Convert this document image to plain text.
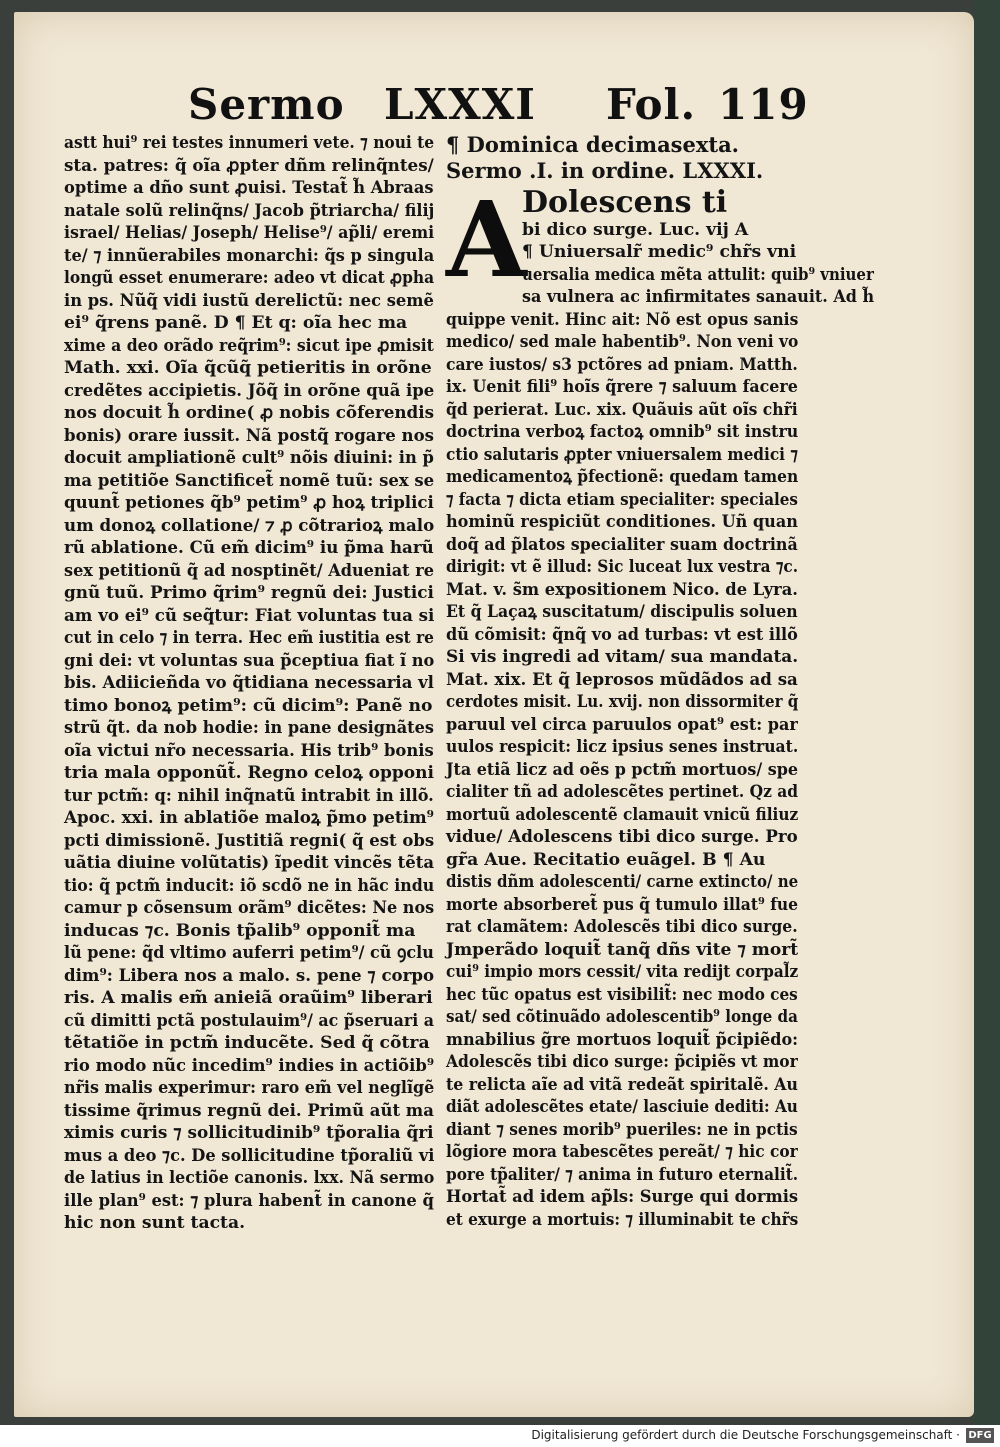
Sermo LXXXI Fol. 119
astt hui⁹ rei testes innumeri vete. ⁊ noui te
sta. patres: q̃ oĩa ꝓpter dñm relinq̃ntes/
optime a dño sunt ꝓuisi. Testat̃ h̃ Abraas
natale solũ relinq̃ns/ Jacob p̃triarcha/ filij
israel/ Helias/ Joseph/ Helise⁹/ ap̃li/ eremi
te/ ⁊ innũerabiles monarchi: q̃s p singula
longũ esset enumerare: adeo vt dicat ꝓpha
in ps. Nũq̃ vidi iustũ derelictũ: nec semẽ
ei⁹ q̃rens panẽ. D ¶ Et q: oĩa hec ma
xime a deo orãdo req̃rim⁹: sicut ipe ꝓmisit
Math. xxi. Oĩa q̃cũq̃ petieritis in orõne
credẽtes accipietis. Jõq̃ in orõne quã ipe
nos docuit h̃ ordine( ꝓ nobis cõferendis
bonis) orare iussit. Nã postq̃ rogare nos
docuit ampliationẽ cult⁹ nõis diuini: in p̃
ma petitiõe Sanctificet̃ nomẽ tuũ: sex se
quunt̃ petiones q̃b⁹ petim⁹ ꝓ hoꝝ triplici
um donoꝝ collatione/ ⁊ ꝓ cõtrarioꝝ malo
rũ ablatione. Cũ em̃ dicim⁹ iu p̃ma harũ
sex petitionũ q̃ ad nosptinẽt/ Adueniat re
gnũ tuũ. Primo q̃rim⁹ regnũ dei: Justici
am vo ei⁹ cũ seq̃tur: Fiat voluntas tua si
cut in celo ⁊ in terra. Hec em̃ iustitia est re
gni dei: vt voluntas sua p̃ceptiua fiat ĩ no
bis. Adiicieñda vo q̃tidiana necessaria vl
timo bonoꝝ petim⁹: cũ dicim⁹: Panẽ no
strũ q̃t. da nob hodie: in pane designãtes
oĩa victui nr̃o necessaria. His trib⁹ bonis
tria mala opponũt̃. Regno celoꝝ opponi
tur pctm̃: q: nihil inq̃natũ intrabit in illõ.
Apoc. xxi. in ablatiõe maloꝝ p̃mo petim⁹
pcti dimissionẽ. Justitiã regni( q̃ est obs
uãtia diuine volũtatis) ĩpedit vincẽs tẽta
tio: q̃ pctm̃ inducit: iõ scdõ ne in hãc indu
camur p cõsensum orãm⁹ dicẽtes: Ne nos
inducas ⁊c. Bonis tp̃alib⁹ opponit̃ ma
lũ pene: q̃d vltimo auferri petim⁹/ cũ ꝯclu
dim⁹: Libera nos a malo. s. pene ⁊ corpo
ris. A malis em̃ anieiã oraũim⁹ liberari
cũ dimitti pctã postulauim⁹/ ac p̃seruari a
tẽtatiõe in pctm̃ inducẽte. Sed q̃ cõtra
rio modo nũc incedim⁹ indies in actiõib⁹
nr̃is malis experimur: raro em̃ vel neglĩgẽ
tissime q̃rimus regnũ dei. Primũ aũt ma
ximis curis ⁊ sollicitudinib⁹ tp̃oralia q̃ri
mus a deo ⁊c. De sollicitudine tp̃oraliũ vi
de latius in lectiõe canonis. lxx. Nã sermo
ille plan⁹ est: ⁊ plura habent̃ in canone q̃
hic non sunt tacta.
¶ Dominica decimasexta.
Sermo .I. in ordine. LXXXI.
A
Dolescens ti
bi dico surge. Luc. vij A
¶ Uniuersalr̃ medic⁹ chr̃s vni
uersalia medica mẽta attulit: quib⁹ vniuer
sa vulnera ac infirmitates sanauit. Ad h̃
quippe venit. Hinc ait: Nõ est opus sanis
medico/ sed male habentib⁹. Non veni vo
care iustos/ s3 pctõres ad pniam. Matth.
ix. Uenit fili⁹ hoĩs q̃rere ⁊ saluum facere
q̃d perierat. Luc. xix. Quãuis aũt oĩs chr̃i
doctrina verboꝝ factoꝝ omnib⁹ sit instru
ctio salutaris ꝓpter vniuersalem medici ⁊
medicamentoꝝ p̃fectionẽ: quedam tamen
⁊ facta ⁊ dicta etiam specialiter: speciales
hominũ respiciũt conditiones. Uñ quan
doq̃ ad p̃latos specialiter suam doctrinã
dirigit: vt ẽ illud: Sic luceat lux vestra ⁊c.
Mat. v. s̃m expositionem Nico. de Lyra.
Et q̃ Laçaꝝ suscitatum/ discipulis soluen
dũ cõmisit: q̃nq̃ vo ad turbas: vt est illõ
Si vis ingredi ad vitam/ sua mandata.
Mat. xix. Et q̃ leprosos mũdãdos ad sa
cerdotes misit. Lu. xvij. non dissormiter q̃
paruul vel circa paruulos opat⁹ est: par
uulos respicit: licz ipsius senes instruat.
Jta etiã licz ad oẽs p pctm̃ mortuos/ spe
cialiter tñ ad adolescẽtes pertinet. Qz ad
mortuũ adolescentẽ clamauit vnicũ filiuz
vidue/ Adolescens tibi dico surge. Pro
gr̃a Aue. Recitatio euãgel. B ¶ Au
distis dñm adolescenti/ carne extincto/ ne
morte absorberet̃ pus q̃ tumulo illat⁹ fue
rat clamãtem: Adolescẽs tibi dico surge.
Jmperãdo loquit̃ tanq̃ dñs vite ⁊ mort̃
cui⁹ impio mors cessit/ vita redijt corpal̃z
hec tũc opatus est visibilit̃: nec modo ces
sat/ sed cõtinuãdo adolescentib⁹ longe da
mnabilius g̃re mortuos loquit̃ p̃cipiẽdo:
Adolescẽs tibi dico surge: p̃cipiẽs vt mor
te relicta aĩe ad vitã redeãt spiritalẽ. Au
diãt adolescẽtes etate/ lasciuie dediti: Au
diant ⁊ senes morib⁹ pueriles: ne in pctis
lõgiore mora tabescẽtes pereãt/ ⁊ hic cor
pore tp̃aliter/ ⁊ anima in futuro eternalit̃.
Hortat̃ ad idem ap̃ls: Surge qui dormis
et exurge a mortuis: ⁊ illuminabit te chr̃s
Digitalisierung gefördert durch die Deutsche Forschungsgemeinschaft · DFG
